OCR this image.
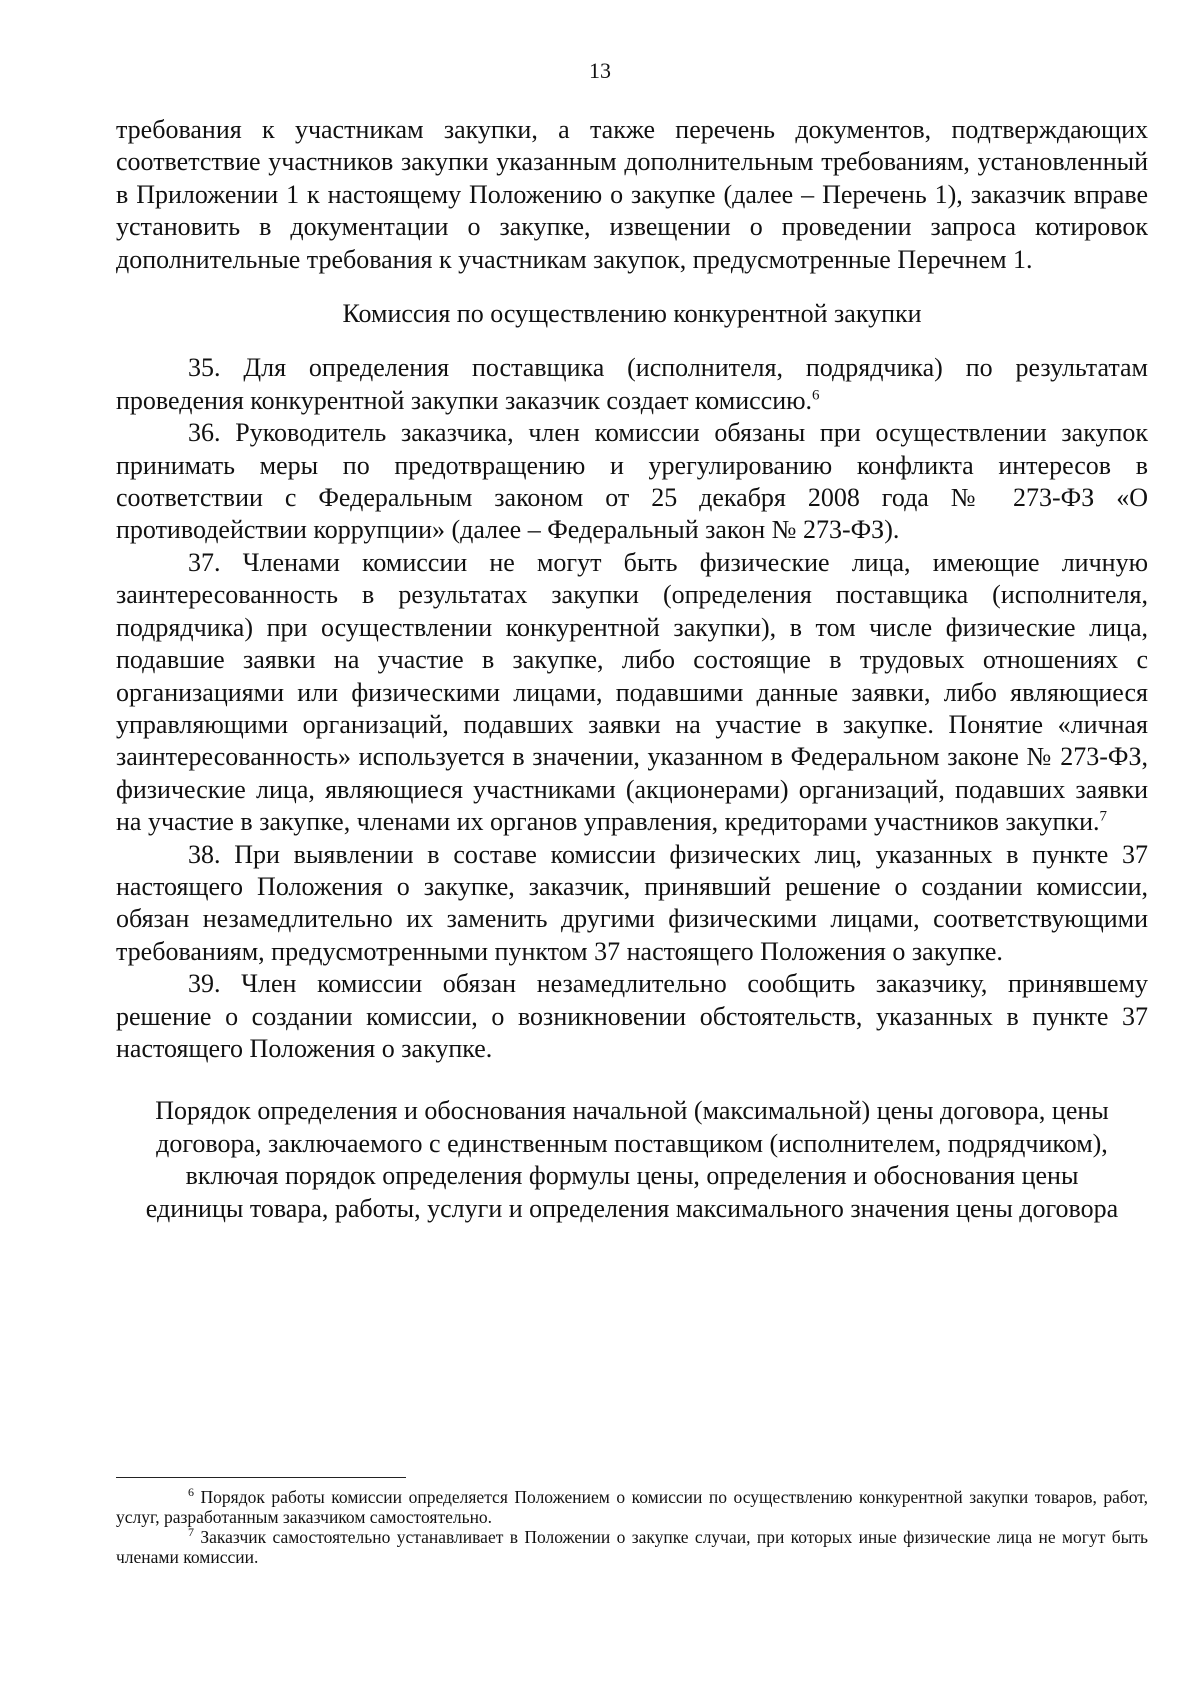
13

требования к участникам закупки, а также перечень документов, подтверждающих соответствие участников закупки указанным дополнительным требованиям, установленный в Приложении 1 к настоящему Положению о закупке (далее – Перечень 1), заказчик вправе установить в документации о закупке, извещении о проведении запроса котировок дополнительные требования к участникам закупок, предусмотренные Перечнем 1.

Комиссия по осуществлению конкурентной закупки

35. Для определения поставщика (исполнителя, подрядчика) по результатам проведения конкурентной закупки заказчик создает комиссию.$^6$

36. Руководитель заказчика, член комиссии обязаны при осуществлении закупок принимать меры по предотвращению и урегулированию конфликта интересов в соответствии с Федеральным законом от 25 декабря 2008 года № 273-ФЗ «О противодействии коррупции» (далее – Федеральный закон № 273-ФЗ).

37. Членами комиссии не могут быть физические лица, имеющие личную заинтересованность в результатах закупки (определения поставщика (исполнителя, подрядчика) при осуществлении конкурентной закупки), в том числе физические лица, подавшие заявки на участие в закупке, либо состоящие в трудовых отношениях с организациями или физическими лицами, подавшими данные заявки, либо являющиеся управляющими организаций, подавших заявки на участие в закупке. Понятие «личная заинтересованность» используется в значении, указанном в Федеральном законе № 273-ФЗ, физические лица, являющиеся участниками (акционерами) организаций, подавших заявки на участие в закупке, членами их органов управления, кредиторами участников закупки.$^7$

38. При выявлении в составе комиссии физических лиц, указанных в пункте 37 настоящего Положения о закупке, заказчик, принявший решение о создании комиссии, обязан незамедлительно их заменить другими физическими лицами, соответствующими требованиям, предусмотренными пунктом 37 настоящего Положения о закупке.

39. Член комиссии обязан незамедлительно сообщить заказчику, принявшему решение о создании комиссии, о возникновении обстоятельств, указанных в пункте 37 настоящего Положения о закупке.

Порядок определения и обоснования начальной (максимальной) цены договора, цены договора, заключаемого с единственным поставщиком (исполнителем, подрядчиком), включая порядок определения формулы цены, определения и обоснования цены единицы товара, работы, услуги и определения максимального значения цены договора

$^6$ Порядок работы комиссии определяется Положением о комиссии по осуществлению конкурентной закупки товаров, работ, услуг, разработанным заказчиком самостоятельно.

$^7$ Заказчик самостоятельно устанавливает в Положении о закупке случаи, при которых иные физические лица не могут быть членами комиссии.
